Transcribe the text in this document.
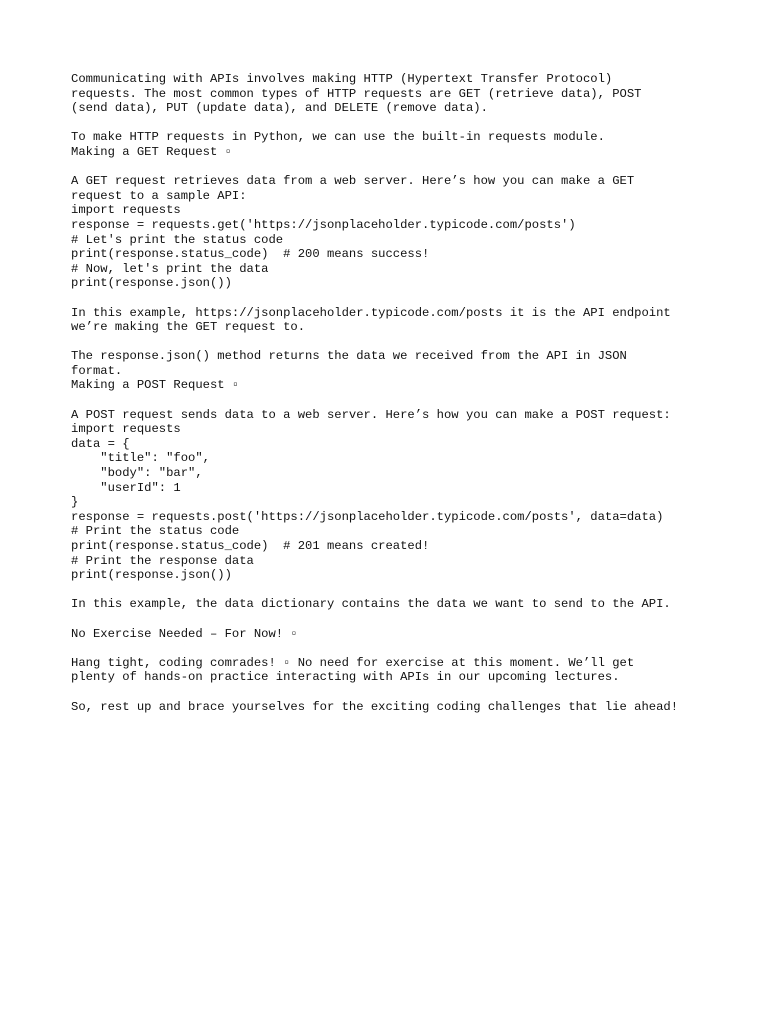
Communicating with APIs involves making HTTP (Hypertext Transfer Protocol)
requests. The most common types of HTTP requests are GET (retrieve data), POST
(send data), PUT (update data), and DELETE (remove data).
To make HTTP requests in Python, we can use the built-in requests module.
Making a GET Request ▫
A GET request retrieves data from a web server. Here’s how you can make a GET
request to a sample API:
import requests
response = requests.get('https://jsonplaceholder.typicode.com/posts')
# Let's print the status code
print(response.status_code)  # 200 means success!
# Now, let's print the data
print(response.json())
In this example, https://jsonplaceholder.typicode.com/posts it is the API endpoint
we’re making the GET request to.
The response.json() method returns the data we received from the API in JSON
format.
Making a POST Request ▫
A POST request sends data to a web server. Here’s how you can make a POST request:
import requests
data = {
"title": "foo",
"body": "bar",
"userId": 1
}
response = requests.post('https://jsonplaceholder.typicode.com/posts', data=data)
# Print the status code
print(response.status_code)  # 201 means created!
# Print the response data
print(response.json())
In this example, the data dictionary contains the data we want to send to the API.
No Exercise Needed – For Now! ▫
Hang tight, coding comrades! ▫ No need for exercise at this moment. We’ll get
plenty of hands-on practice interacting with APIs in our upcoming lectures.
So, rest up and brace yourselves for the exciting coding challenges that lie ahead!
